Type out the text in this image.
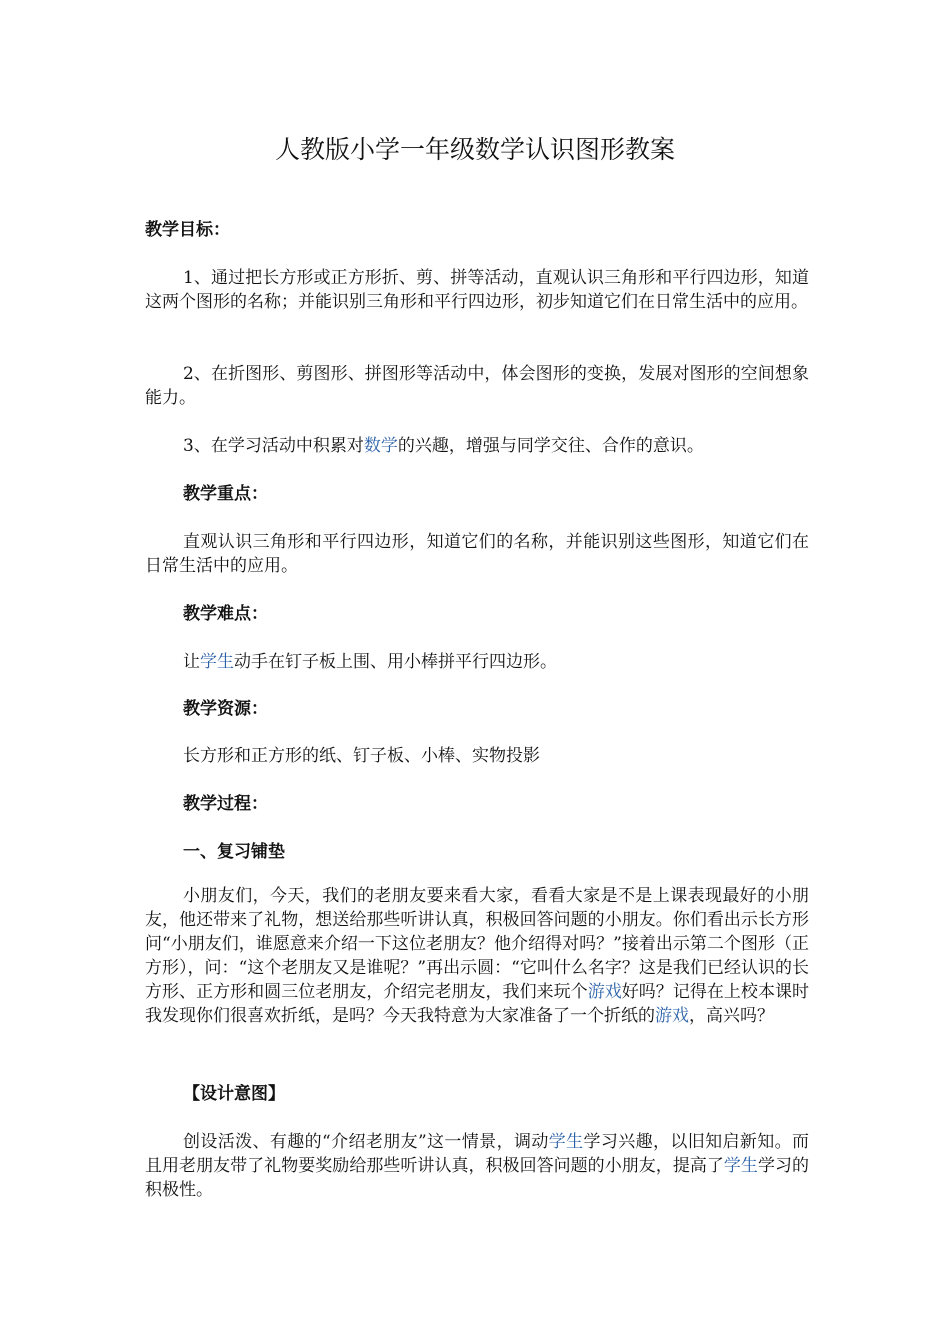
人教版小学一年级数学认识图形教案

教学目标：

1、通过把长方形或正方形折、剪、拼等活动，直观认识三角形和平行四边形，知道这两个图形的名称；并能识别三角形和平行四边形，初步知道它们在日常生活中的应用。

2、在折图形、剪图形、拼图形等活动中，体会图形的变换，发展对图形的空间想象能力。

3、在学习活动中积累对数学的兴趣，增强与同学交往、合作的意识。

教学重点：

直观认识三角形和平行四边形，知道它们的名称，并能识别这些图形，知道它们在日常生活中的应用。

教学难点：

让学生动手在钉子板上围、用小棒拼平行四边形。

教学资源：

长方形和正方形的纸、钉子板、小棒、实物投影

教学过程：

一、复习铺垫

小朋友们，今天，我们的老朋友要来看大家，看看大家是不是上课表现最好的小朋友，他还带来了礼物，想送给那些听讲认真，积极回答问题的小朋友。你们看出示长方形问“小朋友们，谁愿意来介绍一下这位老朋友？他介绍得对吗？”接着出示第二个图形（正方形），问：“这个老朋友又是谁呢？”再出示圆：“它叫什么名字？这是我们已经认识的长方形、正方形和圆三位老朋友，介绍完老朋友，我们来玩个游戏好吗？记得在上校本课时我发现你们很喜欢折纸，是吗？今天我特意为大家准备了一个折纸的游戏，高兴吗？

【设计意图】

创设活泼、有趣的“介绍老朋友”这一情景，调动学生学习兴趣，以旧知启新知。而且用老朋友带了礼物要奖励给那些听讲认真，积极回答问题的小朋友，提高了学生学习的积极性。
